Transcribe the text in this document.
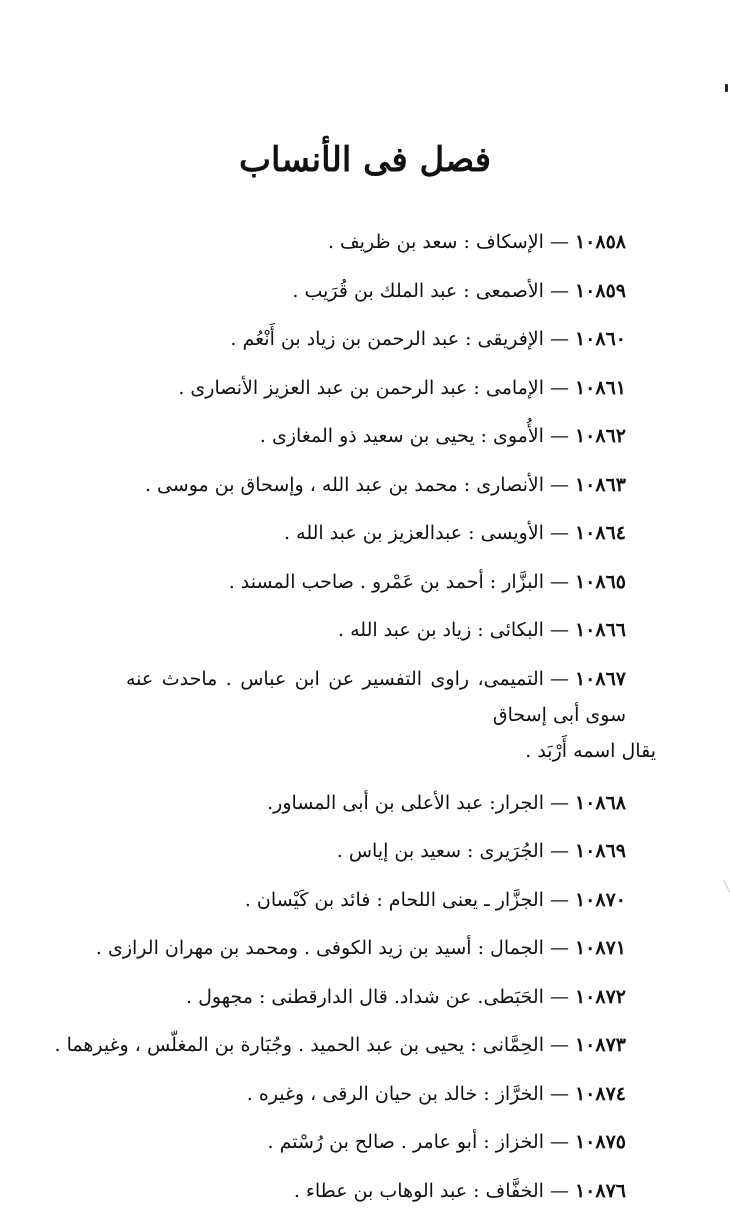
فصل فى الأنساب
١٠٨٥٨—الإسكاف : سعد بن ظريف .
١٠٨٥٩—الأصمعى : عبد الملك بن قُرَيب .
١٠٨٦٠—الإفريقى : عبد الرحمن بن زياد بن أَنْعُم .
١٠٨٦١—الإمامى : عبد الرحمن بن عبد العزيز الأنصارى .
١٠٨٦٢—الأُموى : يحيى بن سعيد ذو المغازى .
١٠٨٦٣—الأنصارى : محمد بن عبد الله ، وإسحاق بن موسى .
١٠٨٦٤—الأويسى : عبدالعزيز بن عبد الله .
١٠٨٦٥—البزَّار : أحمد بن عَمْرو . صاحب المسند .
١٠٨٦٦—البكائى : زياد بن عبد الله .
١٠٨٦٧—التميمى، راوى التفسير عن ابن عباس . ماحدث عنه سوى أبى إسحاق
يقال اسمه أَرْبَد .
١٠٨٦٨—الجرار: عبد الأعلى بن أبى المساور.
١٠٨٦٩—الجُرَيرى : سعيد بن إياس .
١٠٨٧٠—الجزَّار ـ يعنى اللحام : فائد بن كَيْسان .
١٠٨٧١—الجمال : أسيد بن زيد الكوفى . ومحمد بن مهران الرازى .
١٠٨٧٢—الحَبَطى. عن شداد. قال الدارقطنى : مجهول .
١٠٨٧٣—الحِمَّانى : يحيى بن عبد الحميد . وجُبَارة بن المغلّس ، وغيرهما .
١٠٨٧٤—الخرَّاز : خالد بن حيان الرقى ، وغيره .
١٠٨٧٥—الخزاز : أبو عامر . صالح بن رُسْتم .
١٠٨٧٦—الخفَّاف : عبد الوهاب بن عطاء .
